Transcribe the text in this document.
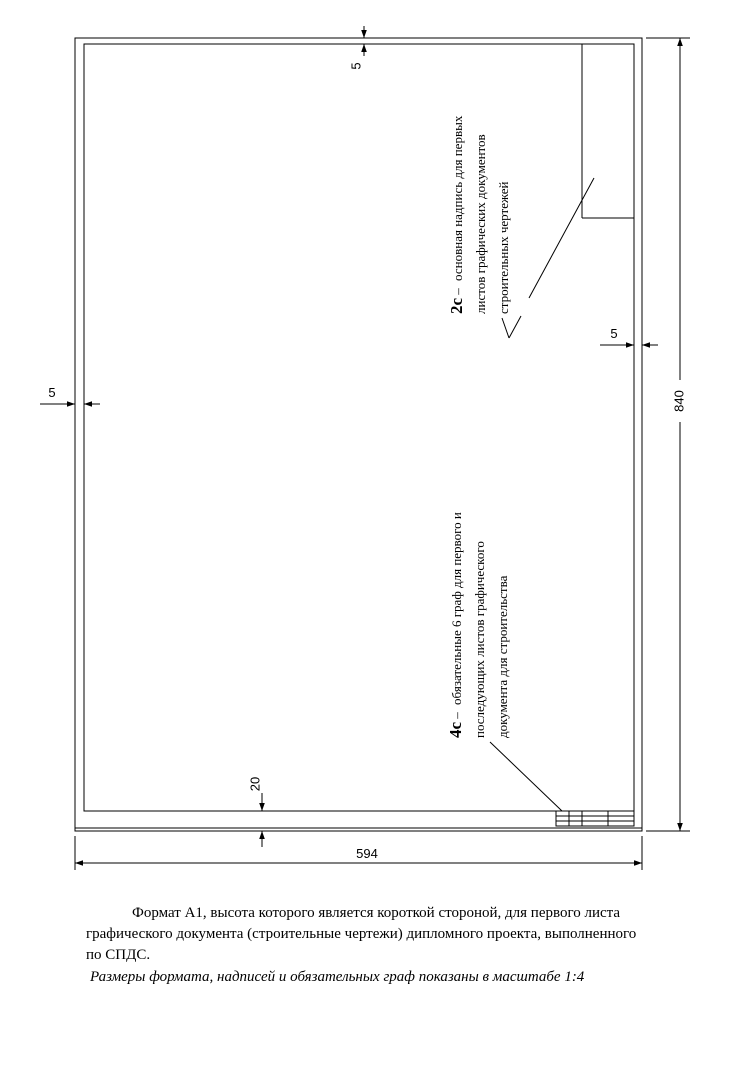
5
5
5
20
594
840
2с – основная надпись для первых листов графических документов строительных чертежей
4с – обязательные 6 граф для первого и последующих листов графического документа для строительства

Формат А1, высота которого является короткой стороной, для первого листа графического документа (строительные чертежи) дипломного проекта, выполненного по СПДС.

Размеры формата, надписей и обязательных граф показаны в масштабе 1:4
